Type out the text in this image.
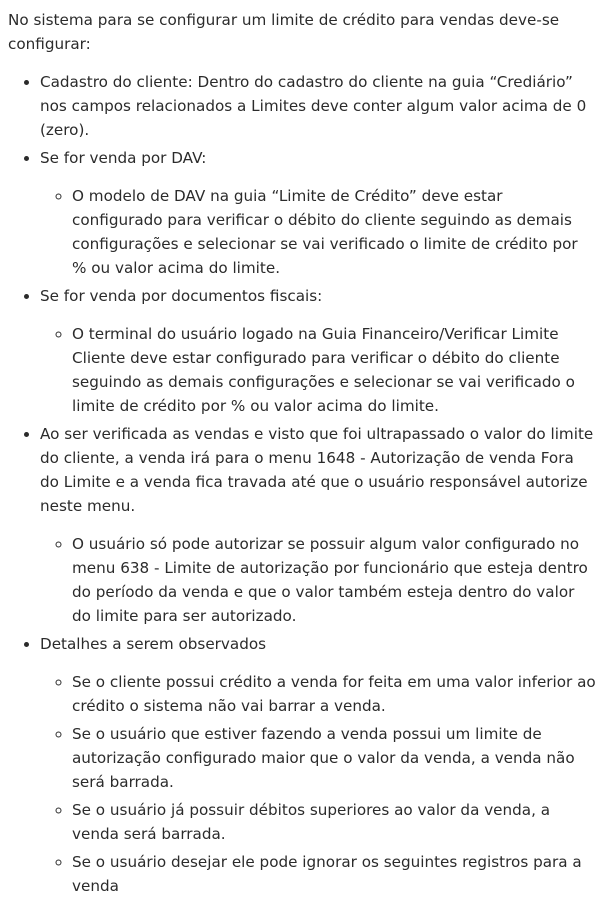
No sistema para se configurar um limite de crédito para vendas deve-se configurar:

• Cadastro do cliente: Dentro do cadastro do cliente na guia “Crediário” nos campos relacionados a Limites deve conter algum valor acima de 0 (zero).
• Se for venda por DAV:
◦ O modelo de DAV na guia “Limite de Crédito” deve estar configurado para verificar o débito do cliente seguindo as demais configurações e selecionar se vai verificado o limite de crédito por % ou valor acima do limite.
• Se for venda por documentos fiscais:
◦ O terminal do usuário logado na Guia Financeiro/Verificar Limite Cliente deve estar configurado para verificar o débito do cliente seguindo as demais configurações e selecionar se vai verificado o limite de crédito por % ou valor acima do limite.
• Ao ser verificada as vendas e visto que foi ultrapassado o valor do limite do cliente, a venda irá para o menu 1648 - Autorização de venda Fora do Limite e a venda fica travada até que o usuário responsável autorize neste menu.
◦ O usuário só pode autorizar se possuir algum valor configurado no menu 638 - Limite de autorização por funcionário que esteja dentro do período da venda e que o valor também esteja dentro do valor do limite para ser autorizado.
• Detalhes a serem observados
◦ Se o cliente possui crédito a venda for feita em uma valor inferior ao crédito o sistema não vai barrar a venda.
◦ Se o usuário que estiver fazendo a venda possui um limite de autorização configurado maior que o valor da venda, a venda não será barrada.
◦ Se o usuário já possuir débitos superiores ao valor da venda, a venda será barrada.
◦ Se o usuário desejar ele pode ignorar os seguintes registros para a venda
